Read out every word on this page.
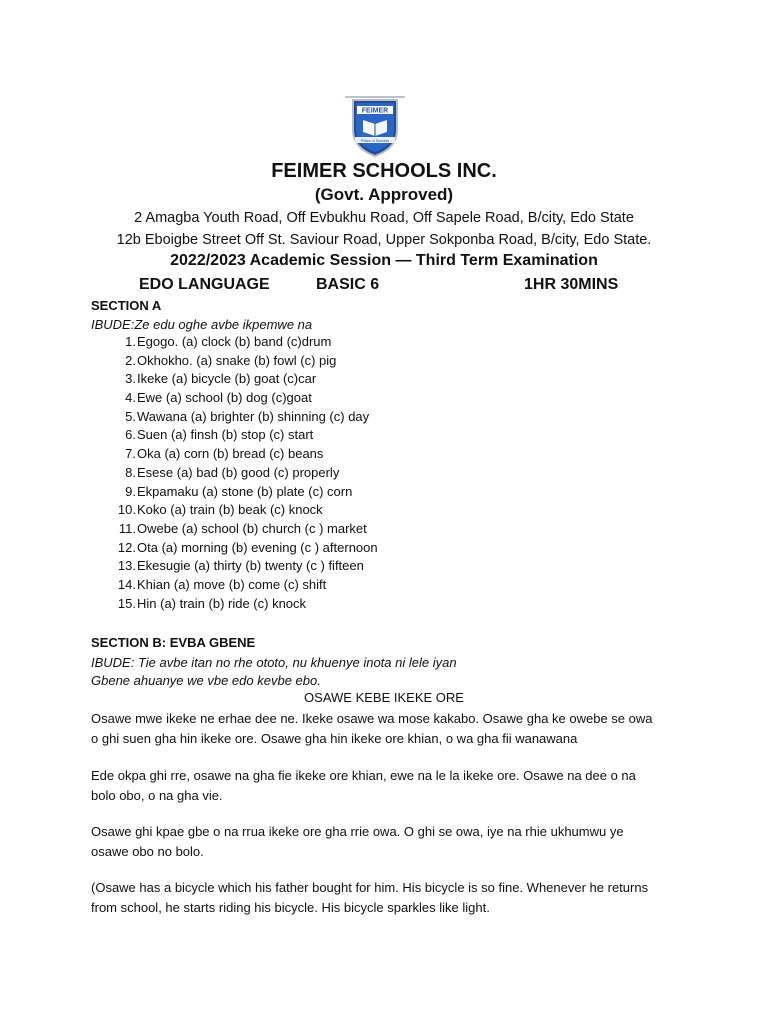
FEIMER
Pillars of Success
FEIMER SCHOOLS INC.
(Govt. Approved)
2 Amagba Youth Road, Off Evbukhu Road, Off Sapele Road, B/city, Edo State
12b Eboigbe Street Off St. Saviour Road, Upper Sokponba Road, B/city, Edo State.
2022/2023 Academic Session — Third Term Examination
EDO LANGUAGE	BASIC 6	1HR 30MINS
SECTION A
IBUDE:Ze edu oghe avbe ikpemwe na
1. Egogo. (a) clock (b) band (c)drum
2. Okhokho. (a) snake (b) fowl (c) pig
3. Ikeke (a) bicycle (b) goat (c)car
4. Ewe (a) school (b) dog (c)goat
5. Wawana (a) brighter (b) shinning (c) day
6. Suen (a) finsh (b) stop (c) start
7. Oka (a) corn (b) bread (c) beans
8. Esese (a) bad (b) good (c) properly
9. Ekpamaku (a) stone (b) plate (c) corn
10. Koko (a) train (b) beak (c) knock
11. Owebe (a) school (b) church (c ) market
12. Ota (a) morning (b) evening (c ) afternoon
13. Ekesugie (a) thirty (b) twenty (c ) fifteen
14. Khian (a) move (b) come (c) shift
15. Hin (a) train (b) ride (c) knock
SECTION B: EVBA GBENE
IBUDE: Tie avbe itan no rhe ototo, nu khuenye inota ni lele iyan
Gbene ahuanye we vbe edo kevbe ebo.
OSAWE KEBE IKEKE ORE

Osawe mwe ikeke ne erhae dee ne. Ikeke osawe wa mose kakabo. Osawe gha ke owebe se owa o ghi suen gha hin ikeke ore. Osawe gha hin ikeke ore khian, o wa gha fii wanawana

Ede okpa ghi rre, osawe na gha fie ikeke ore khian, ewe na le la ikeke ore. Osawe na dee o na bolo obo, o na gha vie.

Osawe ghi kpae gbe o na rrua ikeke ore gha rrie owa. O ghi se owa, iye na rhie ukhumwu ye osawe obo no bolo.

(Osawe has a bicycle which his father bought for him. His bicycle is so fine. Whenever he returns from school, he starts riding his bicycle. His bicycle sparkles like light.
